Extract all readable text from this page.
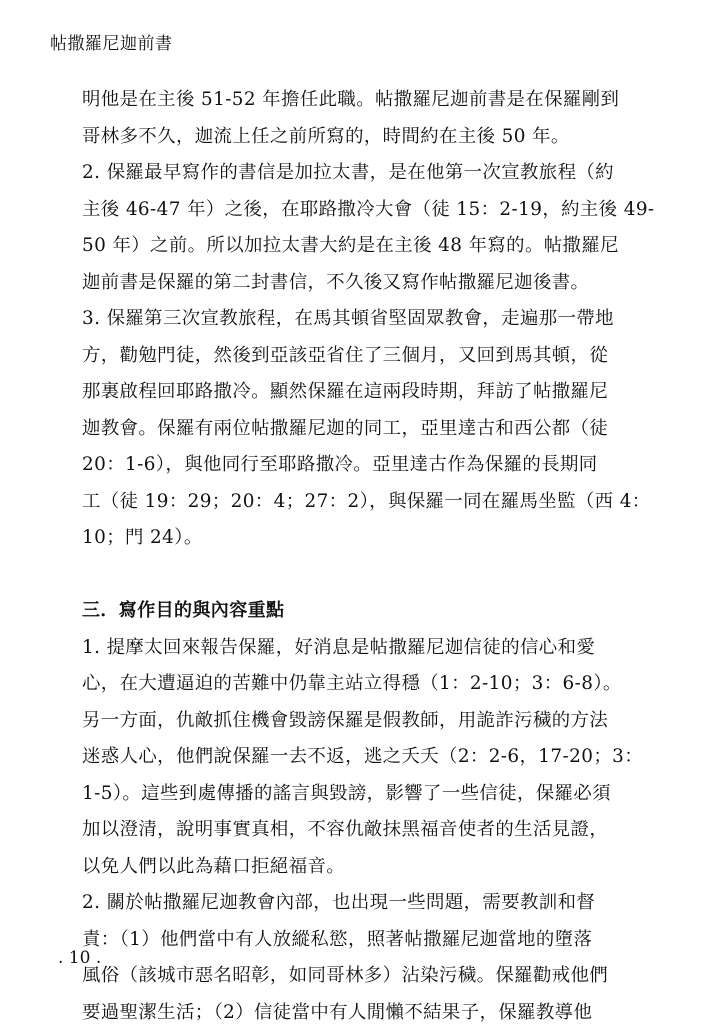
帖撒羅尼迦前書
明他是在主後 51-52 年擔任此職。帖撒羅尼迦前書是在保羅剛到
哥林多不久，迦流上任之前所寫的，時間約在主後 50 年。
2. 保羅最早寫作的書信是加拉太書，是在他第一次宣教旅程（約
主後 46-47 年）之後，在耶路撒冷大會（徒 15：2-19，約主後 49-
50 年）之前。所以加拉太書大約是在主後 48 年寫的。帖撒羅尼
迦前書是保羅的第二封書信，不久後又寫作帖撒羅尼迦後書。
3. 保羅第三次宣教旅程，在馬其頓省堅固眾教會，走遍那一帶地
方，勸勉門徒，然後到亞該亞省住了三個月，又回到馬其頓，從
那裏啟程回耶路撒冷。顯然保羅在這兩段時期，拜訪了帖撒羅尼
迦教會。保羅有兩位帖撒羅尼迦的同工，亞里達古和西公都（徒
20：1-6），與他同行至耶路撒冷。亞里達古作為保羅的長期同
工（徒 19：29；20：4；27：2），與保羅一同在羅馬坐監（西 4：
10；門 24）。
三．寫作目的與內容重點
1. 提摩太回來報告保羅，好消息是帖撒羅尼迦信徒的信心和愛
心，在大遭逼迫的苦難中仍靠主站立得穩（1：2-10；3：6-8）。
另一方面，仇敵抓住機會毀謗保羅是假教師，用詭詐污穢的方法
迷惑人心，他們說保羅一去不返，逃之夭夭（2：2-6，17-20；3：
1-5）。這些到處傳播的謠言與毀謗，影響了一些信徒，保羅必須
加以澄清，說明事實真相，不容仇敵抹黑福音使者的生活見證，
以免人們以此為藉口拒絕福音。
2. 關於帖撒羅尼迦教會內部，也出現一些問題，需要教訓和督
責：（1）他們當中有人放縱私慾，照著帖撒羅尼迦當地的墮落
風俗（該城市惡名昭彰，如同哥林多）沾染污穢。保羅勸戒他們
要過聖潔生活；（2）信徒當中有人閒懶不結果子，保羅教導他
. 10 .
